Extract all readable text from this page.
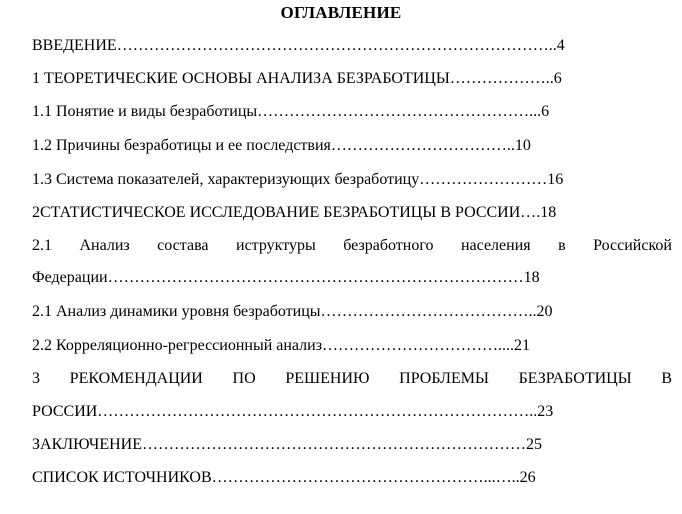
ОГЛАВЛЕНИЕ
ВВЕДЕНИЕ………………………………………………………………………..4
1 ТЕОРЕТИЧЕСКИЕ ОСНОВЫ АНАЛИЗА БЕЗРАБОТИЦЫ………………..6
1.1 Понятие и виды безработицы……………………………………………...6
1.2 Причины безработицы и ее последствия……………………………..10
1.3 Система показателей, характеризующих безработицу……………………16
2СТАТИСТИЧЕСКОЕ ИССЛЕДОВАНИЕ БЕЗРАБОТИЦЫ В РОССИИ….18
2.1 Анализ состава иструктуры безработного населения в Российской
Федерации……………………………………………………………………18
2.1 Анализ динамики уровня безработицы…………………………………..20
2.2 Корреляционно-регрессионный анализ……………………………....21
3 РЕКОМЕНДАЦИИ ПО РЕШЕНИЮ ПРОБЛЕМЫ БЕЗРАБОТИЦЫ В
РОССИИ………………………………………………………………………..23
ЗАКЛЮЧЕНИЕ………………………………………………………………25
СПИСОК ИСТОЧНИКОВ……………………………………………...…..26
